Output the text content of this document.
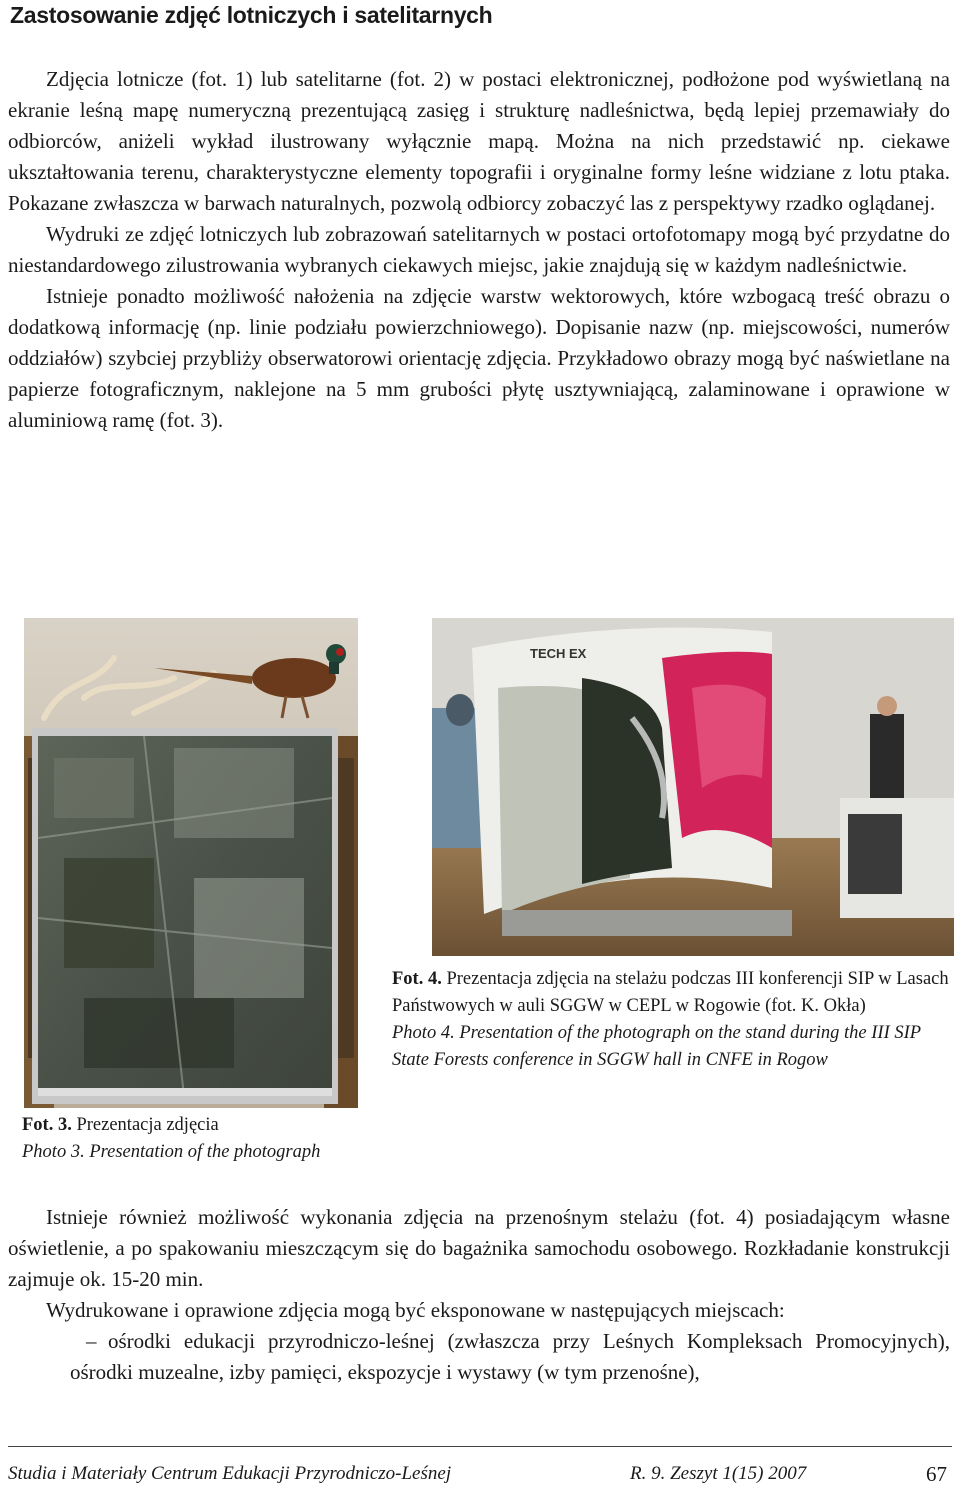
Zastosowanie zdjęć lotniczych i satelitarnych

Zdjęcia lotnicze (fot. 1) lub satelitarne (fot. 2) w postaci elektronicznej, podłożone pod wyświetlaną na ekranie leśną mapę numeryczną prezentującą zasięg i strukturę nadleśnictwa, będą lepiej przemawiały do odbiorców, aniżeli wykład ilustrowany wyłącznie mapą. Można na nich przedstawić np. ciekawe ukształtowania terenu, charakterystyczne elementy topografii i oryginalne formy leśne widziane z lotu ptaka. Pokazane zwłaszcza w barwach naturalnych, pozwolą odbiorcy zobaczyć las z perspektywy rzadko oglądanej.

Wydruki ze zdjęć lotniczych lub zobrazowań satelitarnych w postaci ortofotomapy mogą być przydatne do niestandardowego zilustrowania wybranych ciekawych miejsc, jakie znajdują się w każdym nadleśnictwie.

Istnieje ponadto możliwość nałożenia na zdjęcie warstw wektorowych, które wzbogacą treść obrazu o dodatkową informację (np. linie podziału powierzchniowego). Dopisanie nazw (np. miejscowości, numerów oddziałów) szybciej przybliży obserwatorowi orientację zdjęcia. Przykładowo obrazy mogą być naświetlane na papierze fotograficznym, naklejone na 5 mm grubości płytę usztywniającą, zalaminowane i oprawione w aluminiową ramę (fot. 3).

TECH EX
Fot. 4. Prezentacja zdjęcia na stelażu podczas III konferencji SIP w Lasach Państwowych w auli SGGW w CEPL w Rogowie (fot. K. Okła)
Photo 4. Presentation of the photograph on the stand during the III SIP State Forests conference in SGGW hall in CNFE in Rogow
Fot. 3. Prezentacja zdjęcia
Photo 3. Presentation of the photograph

Istnieje również możliwość wykonania zdjęcia na przenośnym stelażu (fot. 4) posiadającym własne oświetlenie, a po spakowaniu mieszczącym się do bagażnika samochodu osobowego. Rozkładanie konstrukcji zajmuje ok. 15-20 min.

Wydrukowane i oprawione zdjęcia mogą być eksponowane w następujących miejscach:

– ośrodki edukacji przyrodniczo-leśnej (zwłaszcza przy Leśnych Kompleksach Promocyjnych), ośrodki muzealne, izby pamięci, ekspozycje i wystawy (w tym przenośne),

Studia i Materiały Centrum Edukacji Przyrodniczo-Leśnej	R. 9. Zeszyt 1(15) 2007	67
